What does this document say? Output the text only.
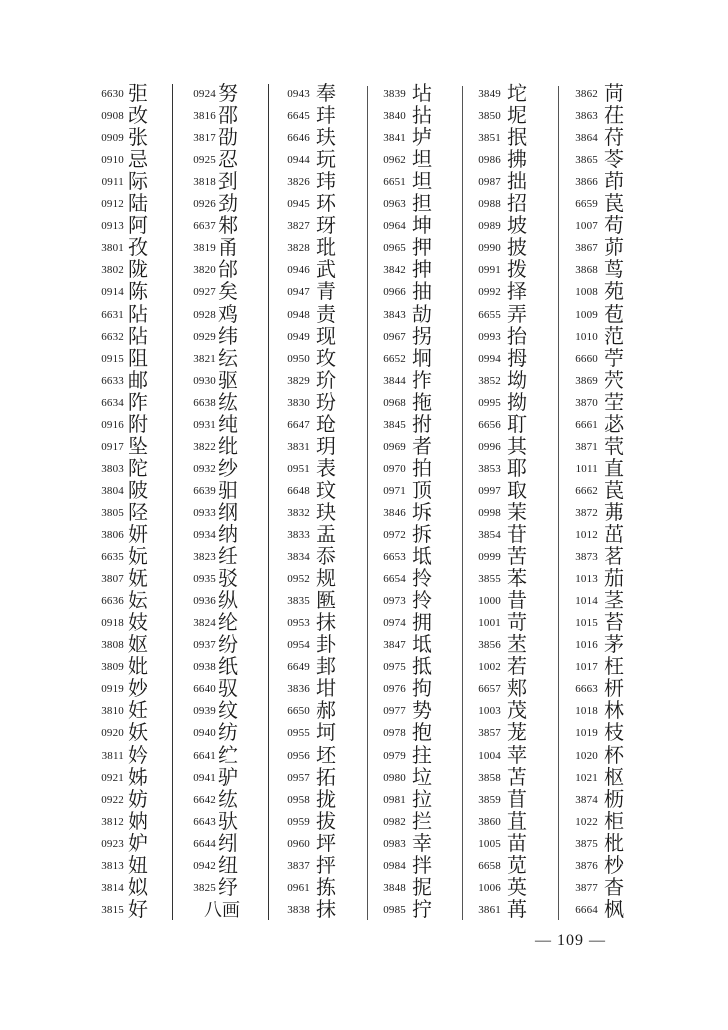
6630 弡
0908 改
0909 张
0910 忌
0911 际
0912 陆
0913 阿
3801 孜
3802 陇
0914 陈
6631 阽
6632 阽
0915 阻
6633 邮
6634 阼
0916 附
0917 坠
3803 陀
3804 陂
3805 陉
3806 妍
6635 妧
3807 妩
6636 妘
0918 妓
3808 妪
3809 妣
0919 妙
3810 妊
0920 妖
3811 妗
0921 姊
0922 妨
3812 妠
0923 妒
3813 妞
3814 姒
3815 好
0924 努
3816 邵
3817 劭
0925 忍
3818 刭
0926 劲
6637 邾
3819 甬
3820 邰
0927 矣
0928 鸡
0929 纬
3821 纭
0930 驱
6638 纮
0931 纯
3822 纰
0932 纱
6639 驲
0933 纲
0934 纳
3823 纴
0935 驳
0936 纵
3824 纶
0937 纷
0938 纸
6640 驭
0939 纹
0940 纺
6641 纻
0941 驴
6642 纮
6643 驮
6644 纼
0942 纽
3825 纾
八画
0943 奉
6645 玤
6646 玞
0944 玩
3826 玮
0945 环
3827 玡
3828 玭
0946 武
0947 青
0948 责
0949 现
0950 玫
3829 玠
3830 玢
6647 玱
3831 玥
0951 表
6648 玟
3832 玦
3833 盂
3834 忝
0952 规
3835 匦
0953 抹
0954 卦
6649 邽
3836 坩
6650 郝
0955 坷
0956 坯
0957 拓
0958 拢
0959 拔
0960 坪
3837 抨
0961 拣
3838 抹
3839 坫
3840 拈
3841 垆
0962 坦
6651 坦
0963 担
0964 坤
0965 押
3842 抻
0966 抽
3843 劼
0967 拐
6652 坰
3844 拃
0968 拖
3845 拊
0969 者
0970 拍
0971 顶
3846 坼
0972 拆
6653 坻
6654 拎
0973 拎
0974 拥
3847 坻
0975 抵
0976 拘
0977 势
0978 抱
0979 拄
0980 垃
0981 拉
0982 拦
0983 幸
0984 拌
3848 抳
0985 拧
3849 坨
3850 坭
3851 抿
0986 拂
0987 拙
0988 招
0989 坡
0990 披
0991 拨
0992 择
6655 弄
0993 抬
0994 拇
3852 坳
0995 拗
6656 耵
0996 其
3853 耶
0997 取
0998 茉
3854 苷
0999 苦
3855 苯
1000 昔
1001 苛
3856 苤
1002 若
6657 郏
1003 茂
3857 茏
1004 苹
3858 苫
3859 苜
3860 苴
1005 苗
6658 苋
1006 英
3861 苒
3862 苘
3863 茌
3864 苻
3865 苓
3866 茚
6659 苠
1007 苟
3867 茆
3868 茑
1008 苑
1009 苞
1010 范
6660 苧
3869 茓
3870 茔
6661 苾
3871 茕
1011 直
6662 苠
3872 茀
1012 茁
3873 茗
1013 茄
1014 茎
1015 苔
1016 茅
1017 枉
6663 枅
1018 林
1019 枝
1020 杯
1021 枢
3874 枥
1022 柜
3875 枇
3876 杪
3877 杳
6664 枫
— 109 —
